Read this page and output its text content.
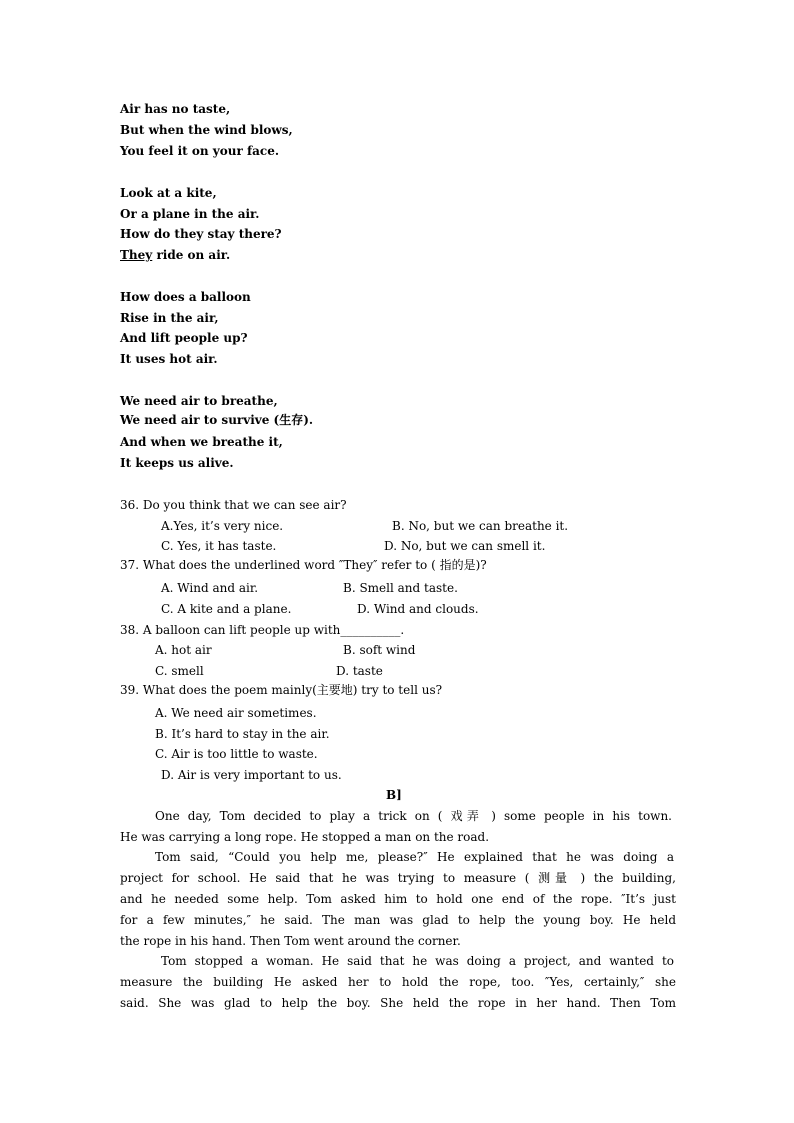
Air has no taste,
But when the wind blows,
You feel it on your face.
Look at a kite,
Or a plane in the air.
How do they stay there?
They ride on air.
How does a balloon
Rise in the air,
And lift people up?
It uses hot air.
We need air to breathe,
We need air to survive (生存).
And when we breathe it,
It keeps us alive.
36. Do you think that we can see air?
A.Yes, it’s very nice.	B. No, but we can breathe it.
C. Yes, it has taste.	D. No, but we can smell it.
37. What does the underlined word ″They″ refer to ( 指的是)?
A. Wind and air.	B. Smell and taste.
C. A kite and a plane.	D. Wind and clouds.
38. A balloon can lift people up with__________.
A. hot air	B. soft wind
C. smell	D. taste
39. What does the poem mainly(主要地) try to tell us?
A. We need air sometimes.
B. It’s hard to stay in the air.
C. Air is too little to waste.
D. Air is very important to us.
B]
One day, Tom decided to play a trick on ( 戏弄 ) some people in his town.
He was carrying a long rope. He stopped a man on the road.
Tom said, “Could you help me, please?″ He explained that he was doing a
project for school. He said that he was trying to measure ( 测量 ) the building,
and he needed some help. Tom asked him to hold one end of the rope. ″It’s just
for a few minutes,″ he said. The man was glad to help the young boy. He held
the rope in his hand. Then Tom went around the corner.
Tom stopped a woman. He said that he was doing a project, and wanted to
measure the building He asked her to hold the rope, too. ″Yes, certainly,″ she
said. She was glad to help the boy. She held the rope in her hand. Then Tom
